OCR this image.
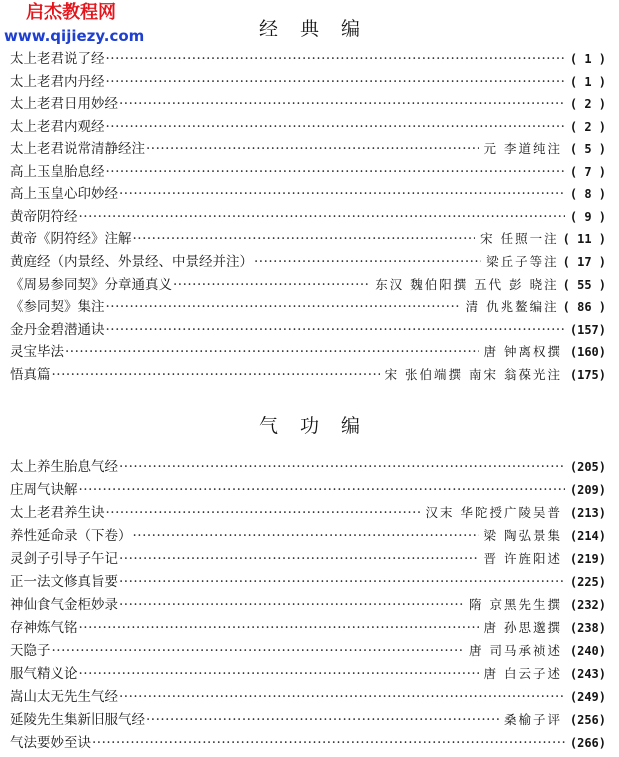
启杰教程网
www.qijiezy.com	经典编
太上老君说了经 ·····	( 1 )
太上老君内丹经 ·····	( 1 )
太上老君日用妙经 ·····	( 2 )
太上老君内观经 ·····	( 2 )
太上老君说常清静经注 ·····	元 李道纯注 ( 5 )
高上玉皇胎息经 ·····	( 7 )
高上玉皇心印妙经 ·····	( 8 )
黄帝阴符经 ·····	( 9 )
黄帝《阴符经》注解 ·····	宋 任照一注 ( 11 )
黄庭经（内景经、外景经、中景经并注） ·····	梁丘子等注 ( 17 )
《周易参同契》分章通真义 ·····	东汉 魏伯阳撰 五代 彭 晓注 ( 55 )
《参同契》集注 ·····	清 仇兆鳌编注 ( 86 )
金丹金碧潜通诀 ·····	(157)
灵宝毕法 ·····	唐 钟离权撰 (160)
悟真篇 ·····	宋 张伯端撰 南宋 翁葆光注 (175)
气功编
太上养生胎息气经 ·····	(205)
庄周气诀解 ·····	(209)
太上老君养生诀 ·····	汉末 华陀授广陵吴普 (213)
养性延命录（下卷） ·····	梁 陶弘景集 (214)
灵剑子引导子午记 ·····	晋 许旌阳述 (219)
正一法文修真旨要 ·····	(225)
神仙食气金柜妙录 ·····	隋 京黑先生撰 (232)
存神炼气铭 ·····	唐 孙思邈撰 (238)
天隐子 ·····	唐 司马承祯述 (240)
服气精义论 ·····	唐 白云子述 (243)
嵩山太无先生气经 ·····	(249)
延陵先生集新旧服气经 ·····	桑榆子评 (256)
气法要妙至诀 ·····	(266)
